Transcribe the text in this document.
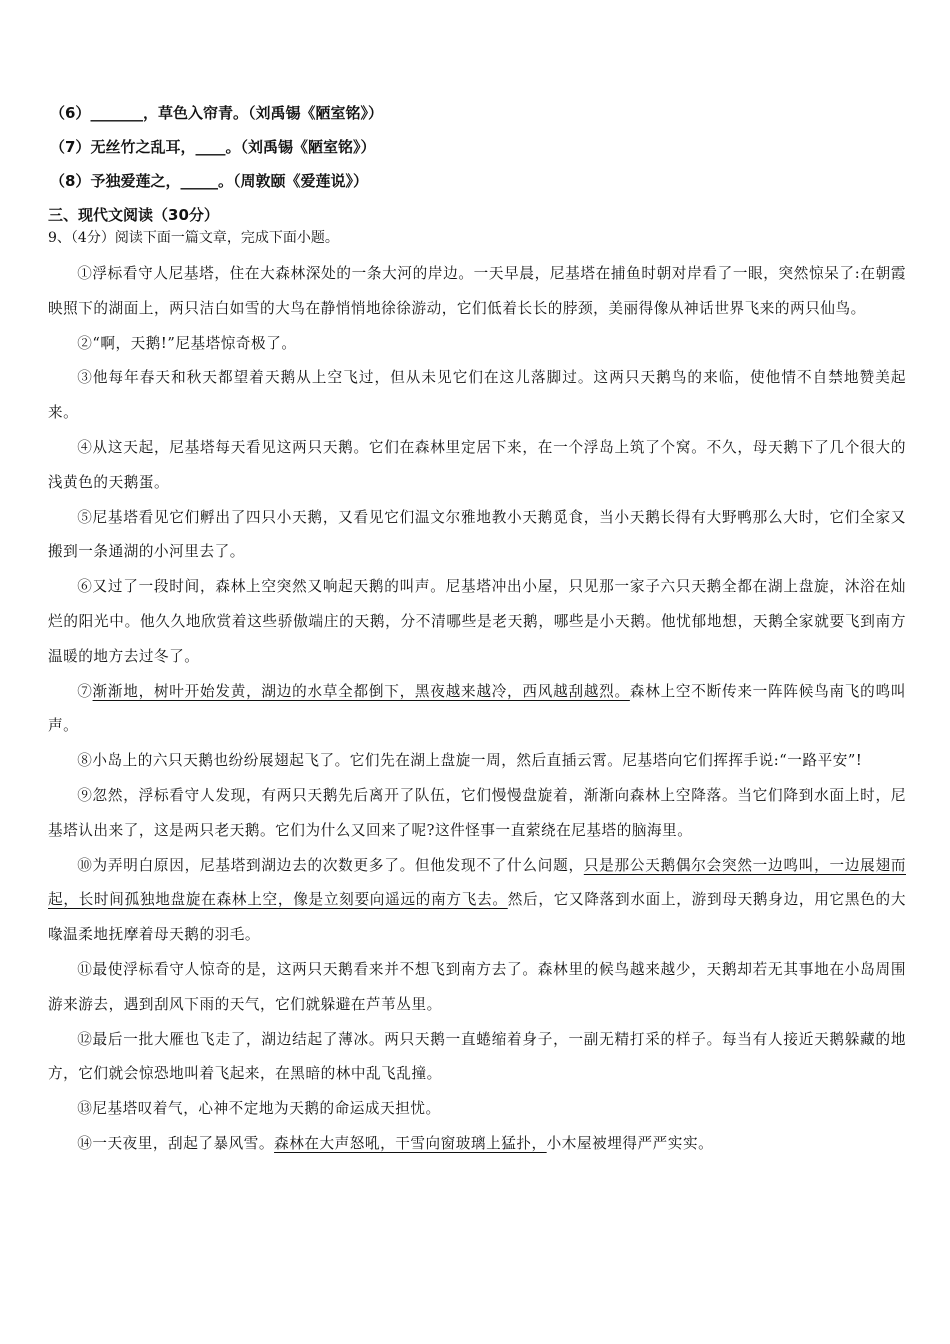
（6）_______，草色入帘青。（刘禹锡《陋室铭》）
（7）无丝竹之乱耳，____。（刘禹锡《陋室铭》）
（8）予独爱莲之，_____。（周敦颐《爱莲说》）
三、现代文阅读（30分）
9、（4分）阅读下面一篇文章，完成下面小题。

①浮标看守人尼基塔，住在大森林深处的一条大河的岸边。一天早晨，尼基塔在捕鱼时朝对岸看了一眼，突然惊呆了:在朝霞映照下的湖面上，两只洁白如雪的大鸟在静悄悄地徐徐游动，它们低着长长的脖颈，美丽得像从神话世界飞来的两只仙鸟。

②“啊，天鹅!”尼基塔惊奇极了。

③他每年春天和秋天都望着天鹅从上空飞过，但从未见它们在这儿落脚过。这两只天鹅鸟的来临，使他情不自禁地赞美起来。

④从这天起，尼基塔每天看见这两只天鹅。它们在森林里定居下来，在一个浮岛上筑了个窝。不久，母天鹅下了几个很大的浅黄色的天鹅蛋。

⑤尼基塔看见它们孵出了四只小天鹅，又看见它们温文尔雅地教小天鹅觅食，当小天鹅长得有大野鸭那么大时，它们全家又搬到一条通湖的小河里去了。

⑥又过了一段时间，森林上空突然又响起天鹅的叫声。尼基塔冲出小屋，只见那一家子六只天鹅全都在湖上盘旋，沐浴在灿烂的阳光中。他久久地欣赏着这些骄傲端庄的天鹅，分不清哪些是老天鹅，哪些是小天鹅。他忧郁地想，天鹅全家就要飞到南方温暖的地方去过冬了。

⑦渐渐地，树叶开始发黄，湖边的水草全都倒下，黑夜越来越冷，西风越刮越烈。森林上空不断传来一阵阵候鸟南飞的鸣叫声。

⑧小岛上的六只天鹅也纷纷展翅起飞了。它们先在湖上盘旋一周，然后直插云霄。尼基塔向它们挥挥手说:“一路平安”!

⑨忽然，浮标看守人发现，有两只天鹅先后离开了队伍，它们慢慢盘旋着，渐渐向森林上空降落。当它们降到水面上时，尼基塔认出来了，这是两只老天鹅。它们为什么又回来了呢?这件怪事一直萦绕在尼基塔的脑海里。

⑩为弄明白原因，尼基塔到湖边去的次数更多了。但他发现不了什么问题，只是那公天鹅偶尔会突然一边鸣叫，一边展翅而起，长时间孤独地盘旋在森林上空，像是立刻要向遥远的南方飞去。然后，它又降落到水面上，游到母天鹅身边，用它黑色的大喙温柔地抚摩着母天鹅的羽毛。

⑪最使浮标看守人惊奇的是，这两只天鹅看来并不想飞到南方去了。森林里的候鸟越来越少，天鹅却若无其事地在小岛周围游来游去，遇到刮风下雨的天气，它们就躲避在芦苇丛里。

⑫最后一批大雁也飞走了，湖边结起了薄冰。两只天鹅一直蜷缩着身子，一副无精打采的样子。每当有人接近天鹅躲藏的地方，它们就会惊恐地叫着飞起来，在黑暗的林中乱飞乱撞。

⑬尼基塔叹着气，心神不定地为天鹅的命运成天担忧。

⑭一天夜里，刮起了暴风雪。森林在大声怒吼，干雪向窗玻璃上猛扑，小木屋被埋得严严实实。
